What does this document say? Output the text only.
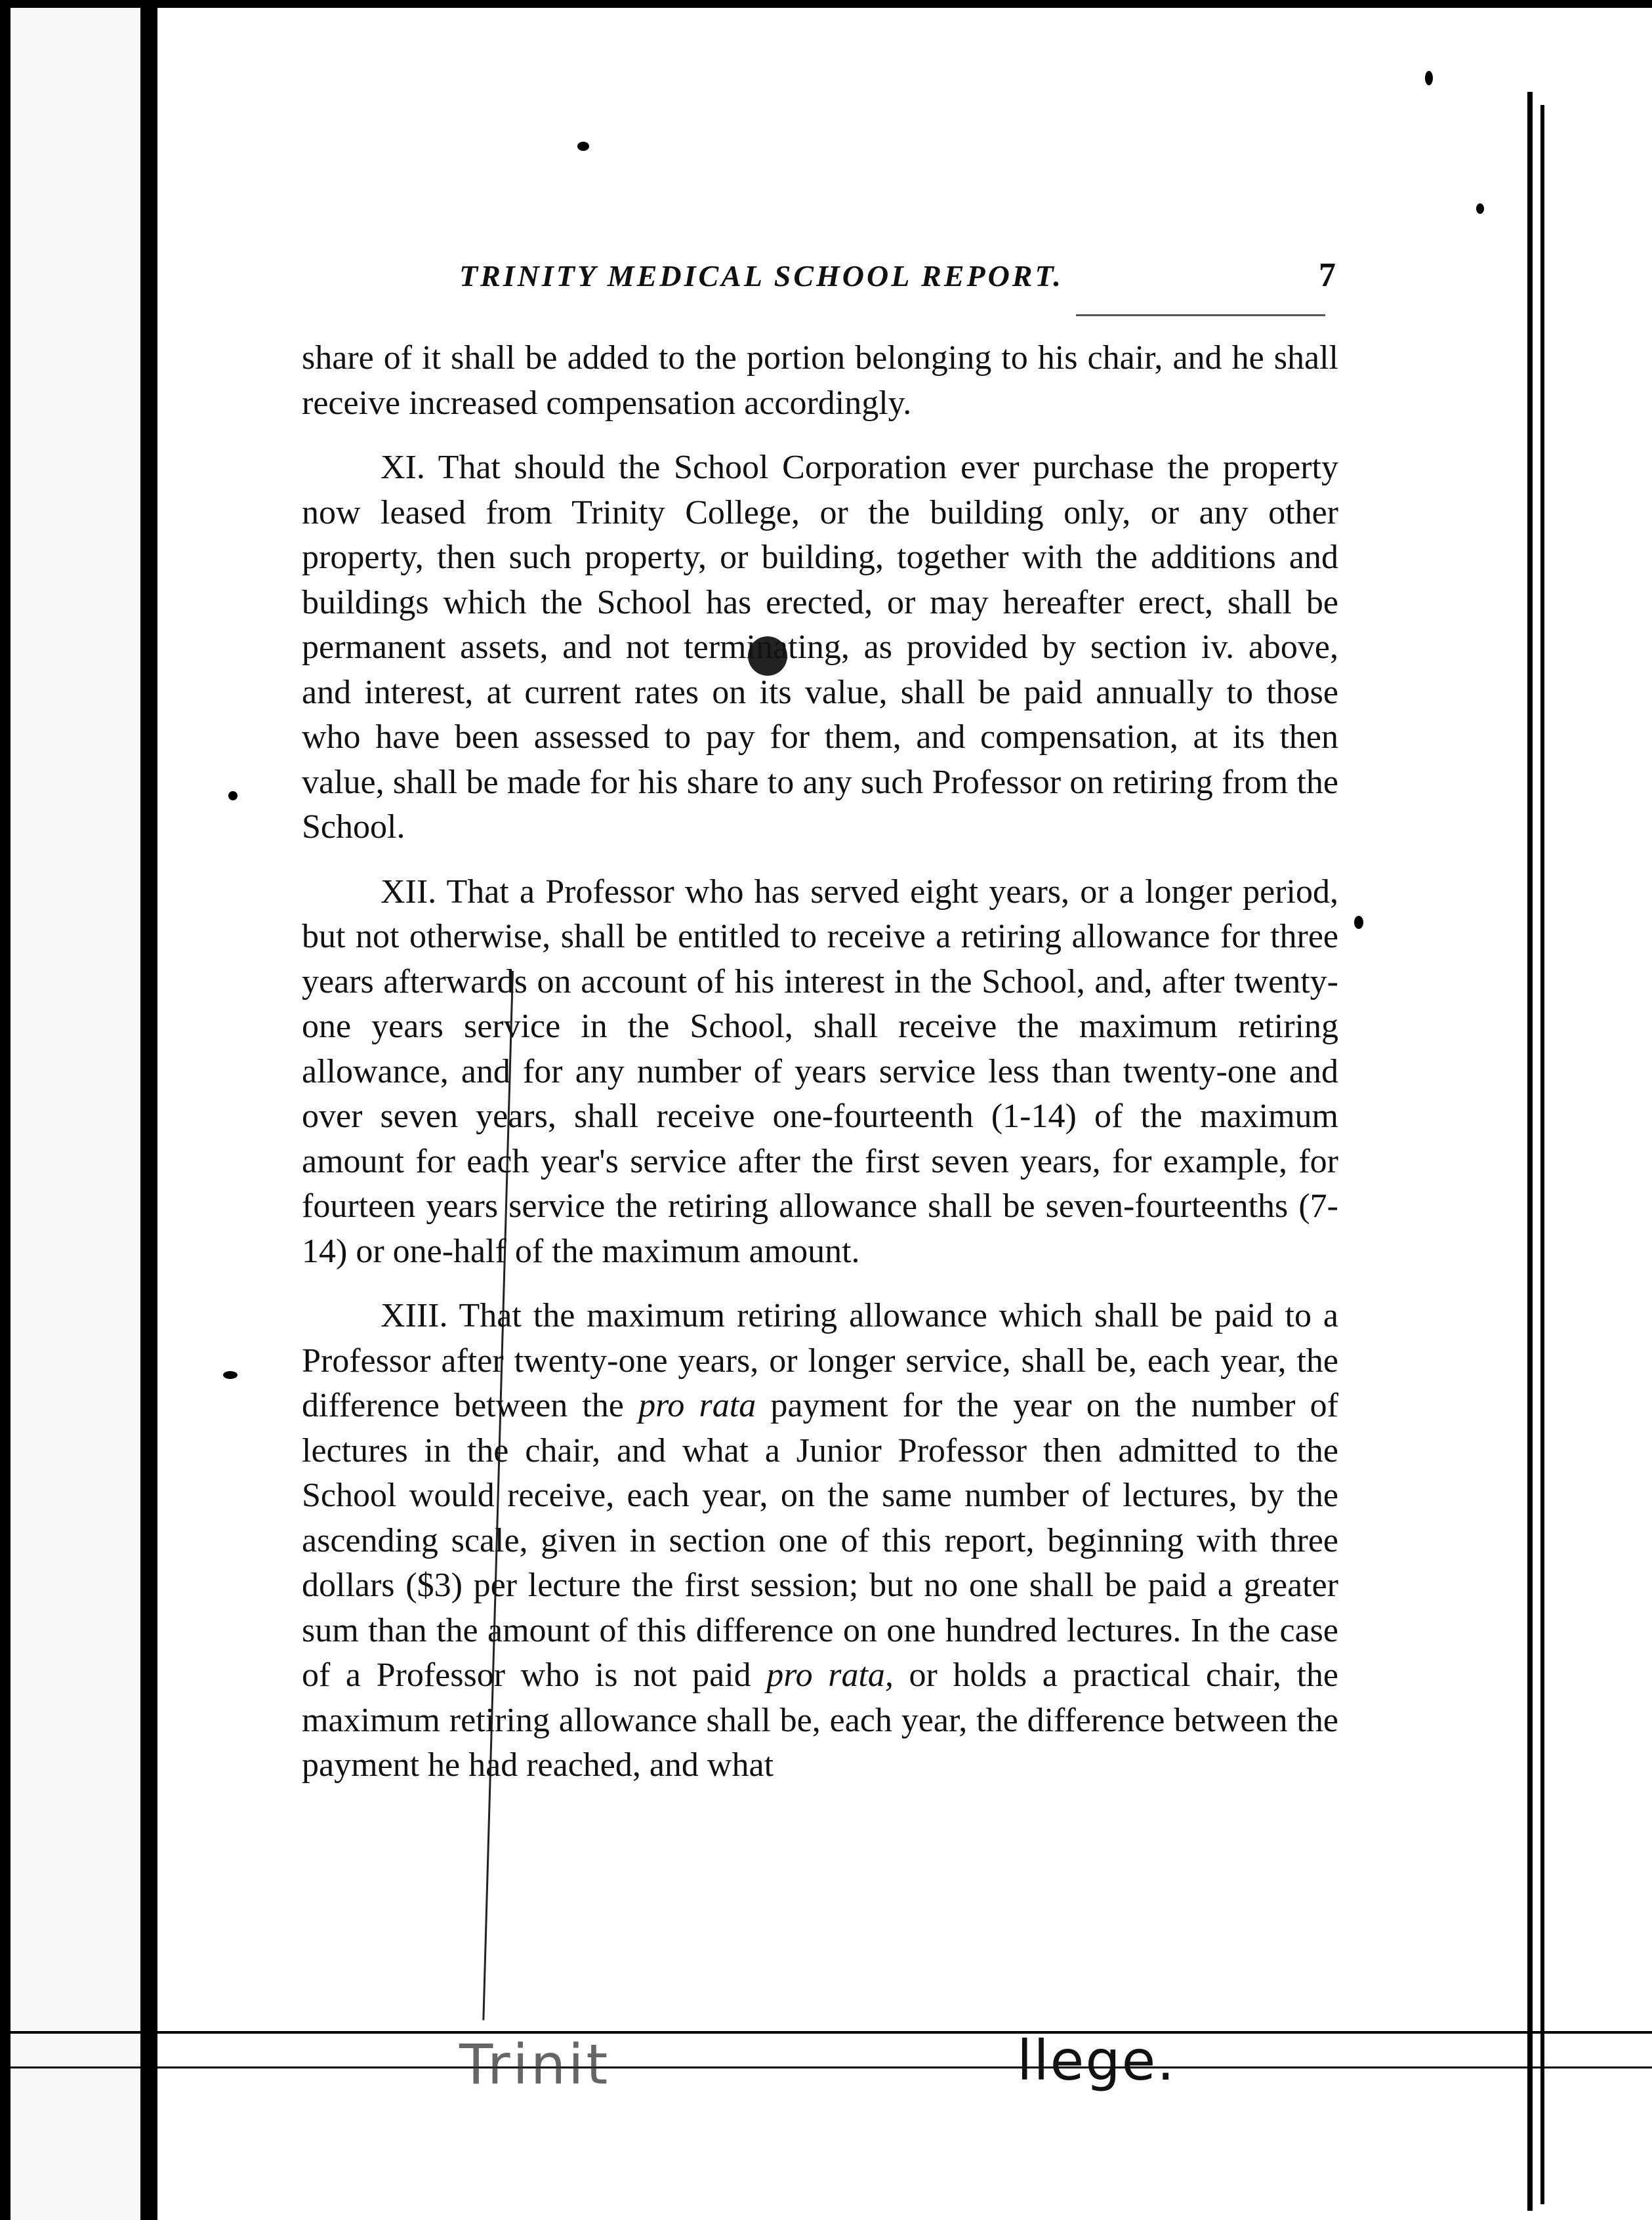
TRINITY MEDICAL SCHOOL REPORT.	7

share of it shall be added to the portion belonging to his chair, and he shall receive increased compensation accordingly.

XI. That should the School Corporation ever purchase the property now leased from Trinity College, or the building only, or any other property, then such property, or building, together with the additions and buildings which the School has erected, or may hereafter erect, shall be permanent assets, and not terminating, as provided by section iv. above, and interest, at current rates on its value, shall be paid annually to those who have been assessed to pay for them, and compensation, at its then value, shall be made for his share to any such Professor on retiring from the School.

XII. That a Professor who has served eight years, or a longer period, but not otherwise, shall be entitled to receive a retiring allowance for three years afterwards on account of his interest in the School, and, after twenty-one years service in the School, shall receive the maximum retiring allowance, and for any number of years service less than twenty-one and over seven years, shall receive one-fourteenth (1-14) of the maximum amount for each year's service after the first seven years, for example, for fourteen years service the retiring allowance shall be seven-fourteenths (7-14) or one-half of the maximum amount.

XIII. That the maximum retiring allowance which shall be paid to a Professor after twenty-one years, or longer service, shall be, each year, the difference between the pro rata payment for the year on the number of lectures in the chair, and what a Junior Professor then admitted to the School would receive, each year, on the same number of lectures, by the ascending scale, given in section one of this report, beginning with three dollars ($3) per lecture the first session; but no one shall be paid a greater sum than the amount of this difference on one hundred lectures. In the case of a Professor who is not paid pro rata, or holds a practical chair, the maximum retiring allowance shall be, each year, the difference between the payment he had reached, and what

Trinit	llege.
